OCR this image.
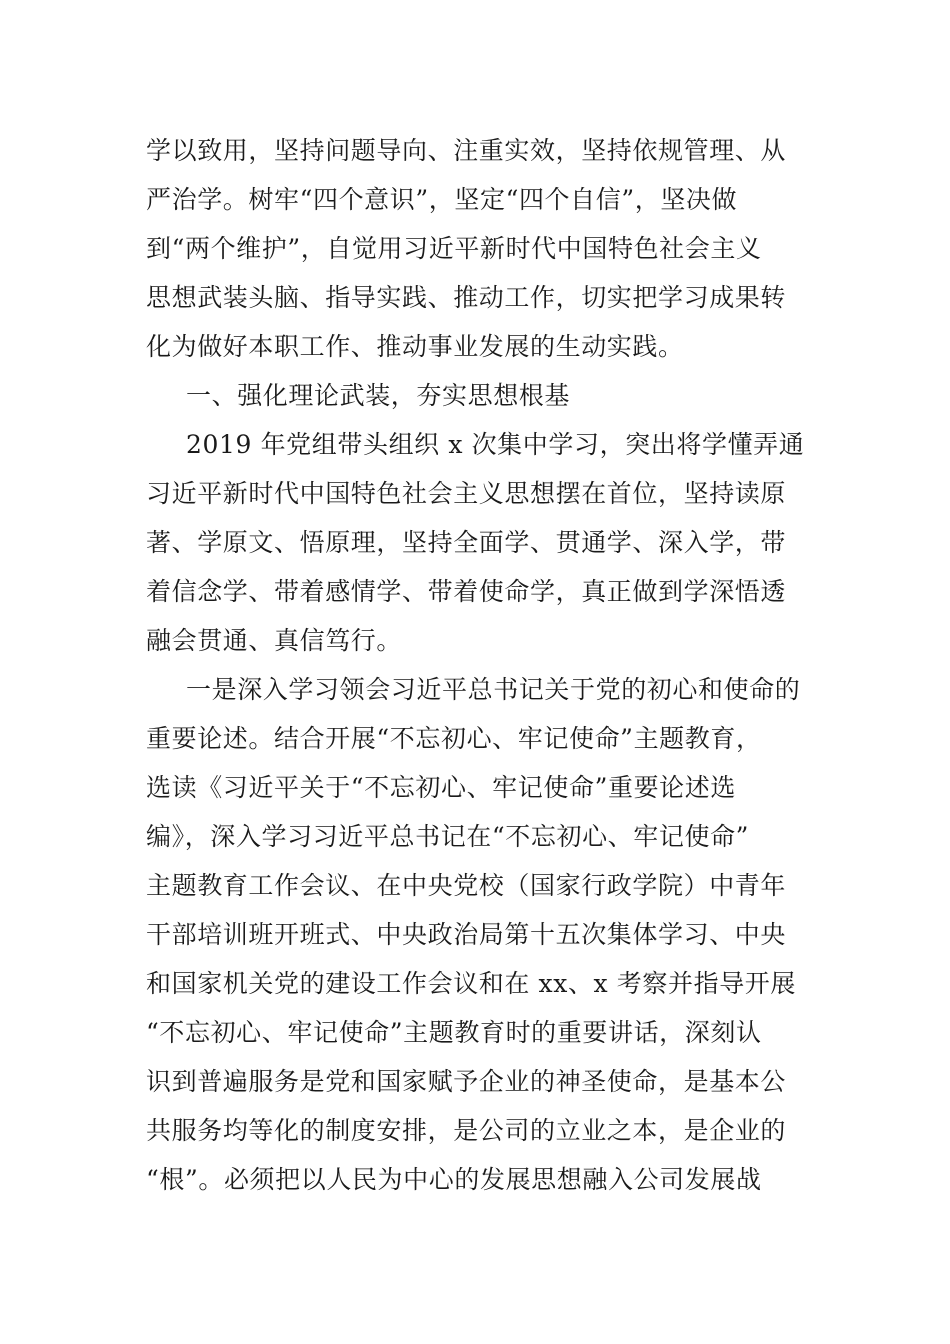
学以致用，坚持问题导向、注重实效，坚持依规管理、从
严治学。树牢“四个意识”，坚定“四个自信”，坚决做
到“两个维护”，自觉用习近平新时代中国特色社会主义
思想武装头脑、指导实践、推动工作，切实把学习成果转
化为做好本职工作、推动事业发展的生动实践。
一、强化理论武装，夯实思想根基
2019 年党组带头组织 x 次集中学习，突出将学懂弄通
习近平新时代中国特色社会主义思想摆在首位，坚持读原
著、学原文、悟原理，坚持全面学、贯通学、深入学，带
着信念学、带着感情学、带着使命学，真正做到学深悟透
融会贯通、真信笃行。
一是深入学习领会习近平总书记关于党的初心和使命的
重要论述。结合开展“不忘初心、牢记使命”主题教育，
选读《习近平关于“不忘初心、牢记使命”重要论述选
编》，深入学习习近平总书记在“不忘初心、牢记使命”
主题教育工作会议、在中央党校（国家行政学院）中青年
干部培训班开班式、中央政治局第十五次集体学习、中央
和国家机关党的建设工作会议和在 xx、x 考察并指导开展
“不忘初心、牢记使命”主题教育时的重要讲话，深刻认
识到普遍服务是党和国家赋予企业的神圣使命，是基本公
共服务均等化的制度安排，是公司的立业之本，是企业的
“根”。必须把以人民为中心的发展思想融入公司发展战
